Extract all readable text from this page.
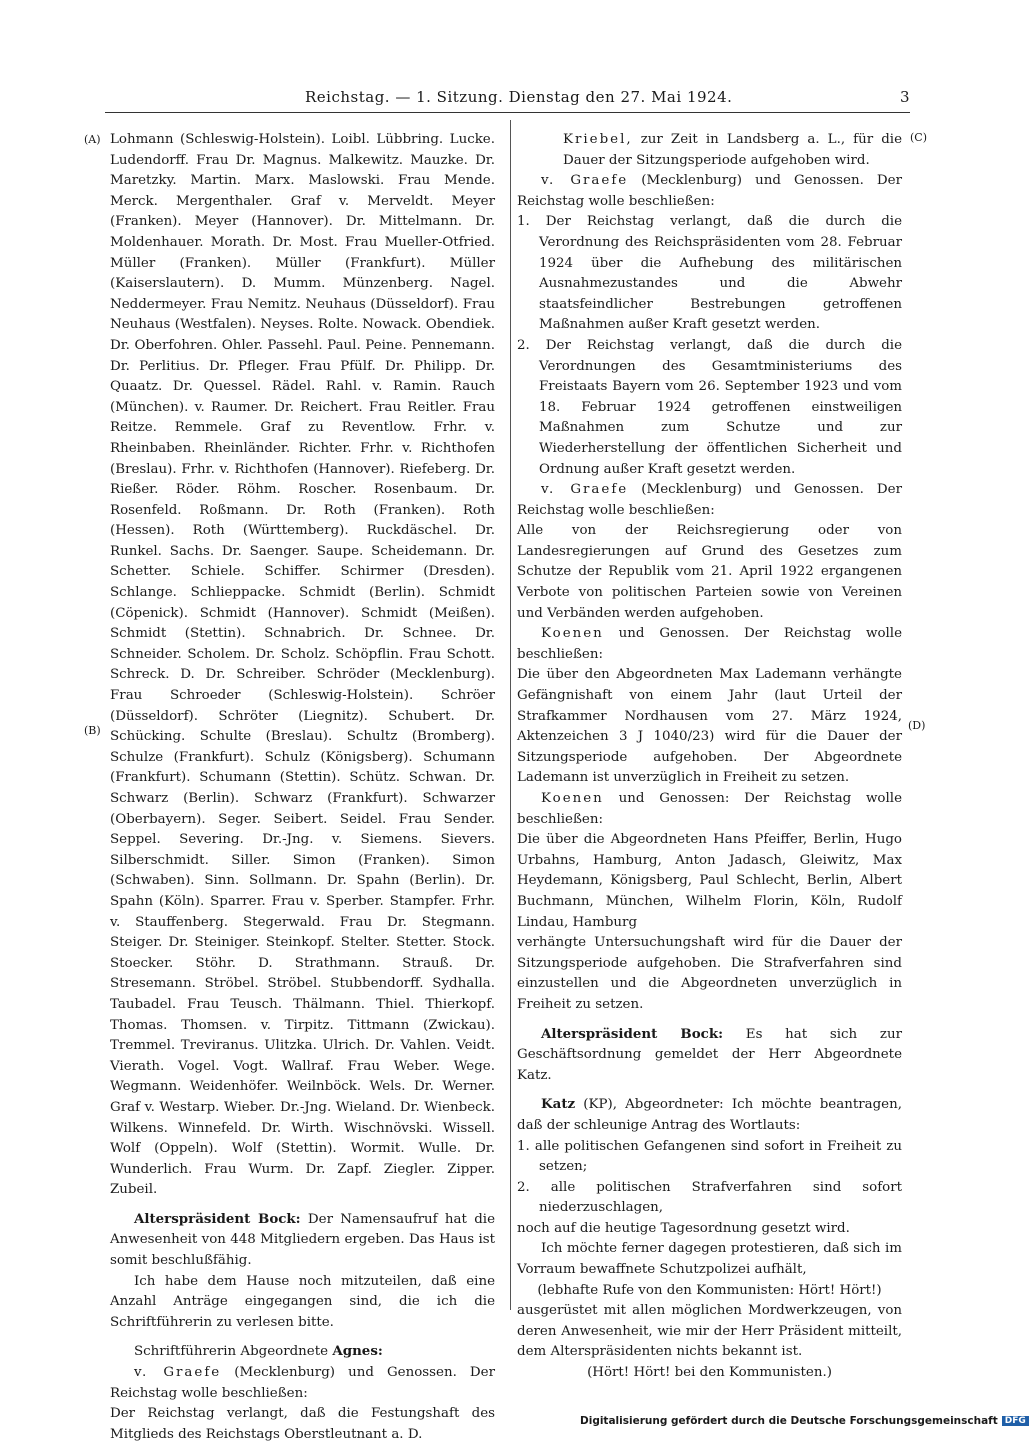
Reichstag. — 1. Sitzung. Dienstag den 27. Mai 1924.	3
(A)
(B)
(C)
(D)

Lohmann (Schleswig-Holstein). Loibl. Lübbring. Lucke. Ludendorff. Frau Dr. Magnus. Malkewitz. Mauzke. Dr. Maretzky. Martin. Marx. Maslowski. Frau Mende. Merck. Mergenthaler. Graf v. Merveldt. Meyer (Franken). Meyer (Hannover). Dr. Mittelmann. Dr. Moldenhauer. Morath. Dr. Most. Frau Mueller-Otfried. Müller (Franken). Müller (Frankfurt). Müller (Kaiserslautern). D. Mumm. Münzenberg. Nagel. Neddermeyer. Frau Nemitz. Neuhaus (Düsseldorf). Frau Neuhaus (Westfalen). Neyses. Rolte. Nowack. Obendiek. Dr. Oberfohren. Ohler. Passehl. Paul. Peine. Pennemann. Dr. Perlitius. Dr. Pfleger. Frau Pfülf. Dr. Philipp. Dr. Quaatz. Dr. Quessel. Rädel. Rahl. v. Ramin. Rauch (München). v. Raumer. Dr. Reichert. Frau Reitler. Frau Reitze. Remmele. Graf zu Reventlow. Frhr. v. Rheinbaben. Rheinländer. Richter. Frhr. v. Richthofen (Breslau). Frhr. v. Richthofen (Hannover). Riefeberg. Dr. Rießer. Röder. Röhm. Roscher. Rosenbaum. Dr. Rosenfeld. Roßmann. Dr. Roth (Franken). Roth (Hessen). Roth (Württemberg). Ruckdäschel. Dr. Runkel. Sachs. Dr. Saenger. Saupe. Scheidemann. Dr. Schetter. Schiele. Schiffer. Schirmer (Dresden). Schlange. Schlieppacke. Schmidt (Berlin). Schmidt (Cöpenick). Schmidt (Hannover). Schmidt (Meißen). Schmidt (Stettin). Schnabrich. Dr. Schnee. Dr. Schneider. Scholem. Dr. Scholz. Schöpflin. Frau Schott. Schreck. D. Dr. Schreiber. Schröder (Mecklenburg). Frau Schroeder (Schleswig-Holstein). Schröer (Düsseldorf). Schröter (Liegnitz). Schubert. Dr. Schücking. Schulte (Breslau). Schultz (Bromberg). Schulze (Frankfurt). Schulz (Königsberg). Schumann (Frankfurt). Schumann (Stettin). Schütz. Schwan. Dr. Schwarz (Berlin). Schwarz (Frankfurt). Schwarzer (Oberbayern). Seger. Seibert. Seidel. Frau Sender. Seppel. Severing. Dr.-Jng. v. Siemens. Sievers. Silberschmidt. Siller. Simon (Franken). Simon (Schwaben). Sinn. Sollmann. Dr. Spahn (Berlin). Dr. Spahn (Köln). Sparrer. Frau v. Sperber. Stampfer. Frhr. v. Stauffenberg. Stegerwald. Frau Dr. Stegmann. Steiger. Dr. Steiniger. Steinkopf. Stelter. Stetter. Stock. Stoecker. Stöhr. D. Strathmann. Strauß. Dr. Stresemann. Ströbel. Ströbel. Stubbendorff. Sydhalla. Taubadel. Frau Teusch. Thälmann. Thiel. Thierkopf. Thomas. Thomsen. v. Tirpitz. Tittmann (Zwickau). Tremmel. Treviranus. Ulitzka. Ulrich. Dr. Vahlen. Veidt. Vierath. Vogel. Vogt. Wallraf. Frau Weber. Wege. Wegmann. Weidenhöfer. Weilnböck. Wels. Dr. Werner. Graf v. Westarp. Wieber. Dr.-Jng. Wieland. Dr. Wienbeck. Wilkens. Winnefeld. Dr. Wirth. Wischnövski. Wissell. Wolf (Oppeln). Wolf (Stettin). Wormit. Wulle. Dr. Wunderlich. Frau Wurm. Dr. Zapf. Ziegler. Zipper. Zubeil.

Alterspräsident Bock: Der Namensaufruf hat die Anwesenheit von 448 Mitgliedern ergeben. Das Haus ist somit beschlußfähig.

Ich habe dem Hause noch mitzuteilen, daß eine Anzahl Anträge eingegangen sind, die ich die Schriftführerin zu verlesen bitte.

Schriftführerin Abgeordnete Agnes:

v. Graefe (Mecklenburg) und Genossen. Der Reichstag wolle beschließen:

Der Reichstag verlangt, daß die Festungshaft des Mitglieds des Reichstags Oberstleutnant a. D.

Kriebel, zur Zeit in Landsberg a. L., für die Dauer der Sitzungsperiode aufgehoben wird.

v. Graefe (Mecklenburg) und Genossen. Der Reichstag wolle beschließen:

1. Der Reichstag verlangt, daß die durch die Verordnung des Reichspräsidenten vom 28. Februar 1924 über die Aufhebung des militärischen Ausnahmezustandes und die Abwehr staatsfeindlicher Bestrebungen getroffenen Maßnahmen außer Kraft gesetzt werden.

2. Der Reichstag verlangt, daß die durch die Verordnungen des Gesamtministeriums des Freistaats Bayern vom 26. September 1923 und vom 18. Februar 1924 getroffenen einstweiligen Maßnahmen zum Schutze und zur Wiederherstellung der öffentlichen Sicherheit und Ordnung außer Kraft gesetzt werden.

v. Graefe (Mecklenburg) und Genossen. Der Reichstag wolle beschließen:

Alle von der Reichsregierung oder von Landesregierungen auf Grund des Gesetzes zum Schutze der Republik vom 21. April 1922 ergangenen Verbote von politischen Parteien sowie von Vereinen und Verbänden werden aufgehoben.

Koenen und Genossen. Der Reichstag wolle beschließen:

Die über den Abgeordneten Max Lademann verhängte Gefängnishaft von einem Jahr (laut Urteil der Strafkammer Nordhausen vom 27. März 1924, Aktenzeichen 3 J 1040/23) wird für die Dauer der Sitzungsperiode aufgehoben. Der Abgeordnete Lademann ist unverzüglich in Freiheit zu setzen.

Koenen und Genossen: Der Reichstag wolle beschließen:

Die über die Abgeordneten Hans Pfeiffer, Berlin, Hugo Urbahns, Hamburg, Anton Jadasch, Gleiwitz, Max Heydemann, Königsberg, Paul Schlecht, Berlin, Albert Buchmann, München, Wilhelm Florin, Köln, Rudolf Lindau, Hamburg

verhängte Untersuchungshaft wird für die Dauer der Sitzungsperiode aufgehoben. Die Strafverfahren sind einzustellen und die Abgeordneten unverzüglich in Freiheit zu setzen.

Alterspräsident Bock: Es hat sich zur Geschäftsordnung gemeldet der Herr Abgeordnete Katz.

Katz (KP), Abgeordneter: Ich möchte beantragen, daß der schleunige Antrag des Wortlauts:

1. alle politischen Gefangenen sind sofort in Freiheit zu setzen;

2. alle politischen Strafverfahren sind sofort niederzuschlagen,

noch auf die heutige Tagesordnung gesetzt wird.

Ich möchte ferner dagegen protestieren, daß sich im Vorraum bewaffnete Schutzpolizei aufhält,

(lebhafte Rufe von den Kommunisten: Hört! Hört!)

ausgerüstet mit allen möglichen Mordwerkzeugen, von deren Anwesenheit, wie mir der Herr Präsident mitteilt, dem Alterspräsidenten nichts bekannt ist.

(Hört! Hört! bei den Kommunisten.)

Digitalisierung gefördert durch die Deutsche Forschungsgemeinschaft DFG
